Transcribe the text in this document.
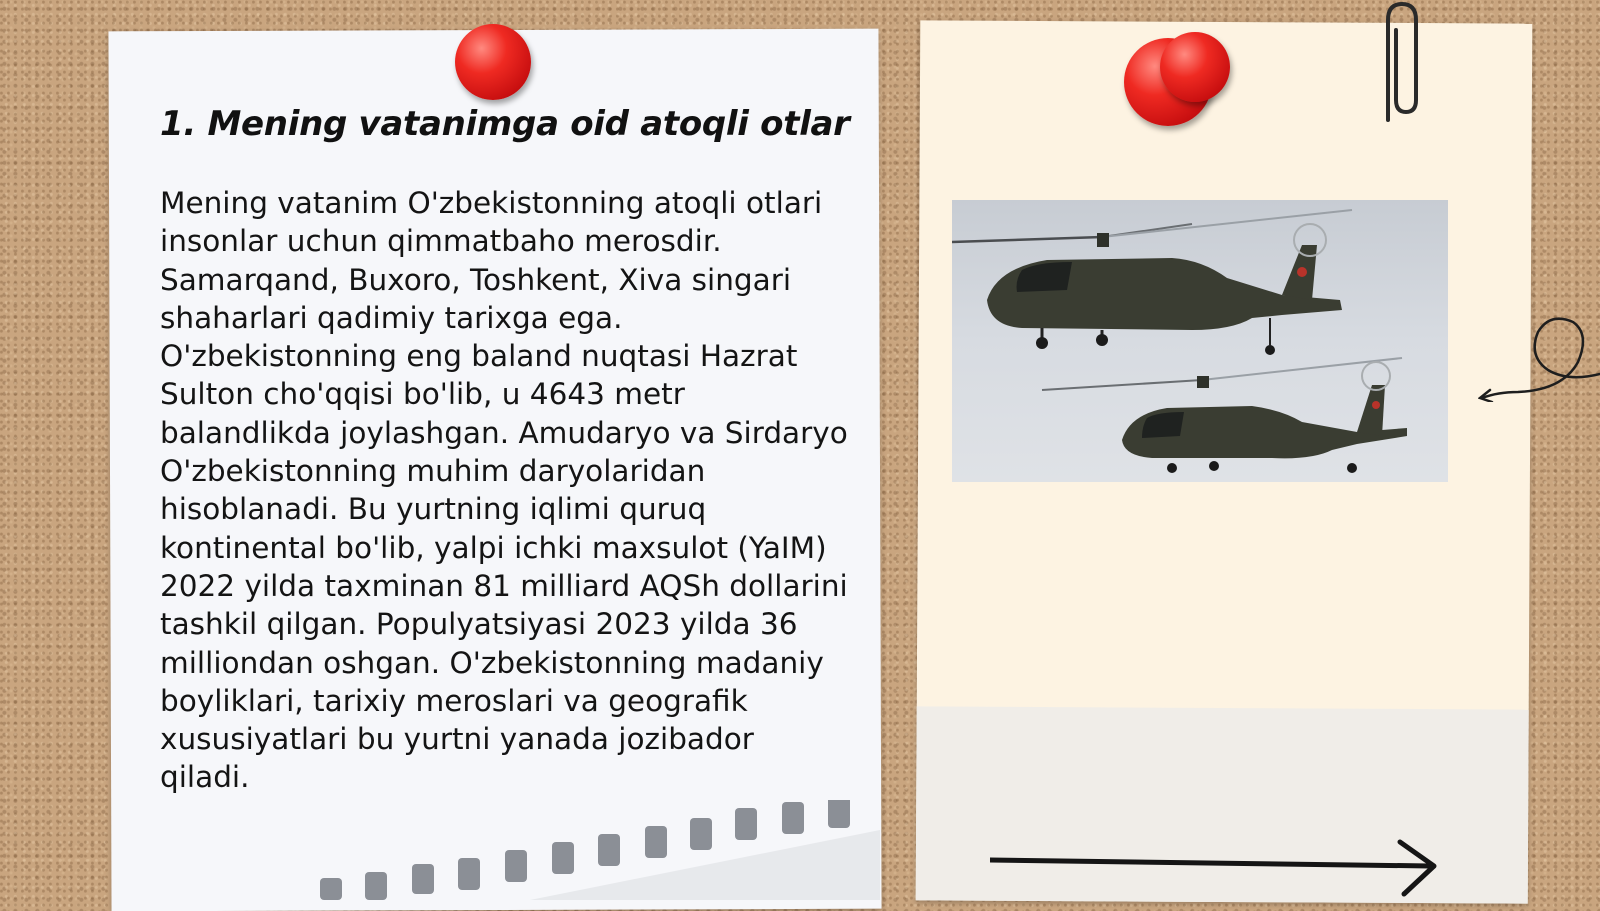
1. Mening vatanimga oid atoqli otlar

Mening vatanim O'zbekistonning atoqli otlari insonlar uchun qimmatbaho merosdir. Samarqand, Buxoro, Toshkent, Xiva singari shaharlari qadimiy tarixga ega. O'zbekistonning eng baland nuqtasi Hazrat Sulton cho'qqisi bo'lib, u 4643 metr balandlikda joylashgan. Amudaryo va Sirdaryo O'zbekistonning muhim daryolaridan hisoblanadi. Bu yurtning iqlimi quruq kontinental bo'lib, yalpi ichki maxsulot (YaIM) 2022 yilda taxminan 81 milliard AQSh dollarini tashkil qilgan. Populyatsiyasi 2023 yilda 36 milliondan oshgan. O'zbekistonning madaniy boyliklari, tarixiy meroslari va geografik xususiyatlari bu yurtni yanada jozibador qiladi.
